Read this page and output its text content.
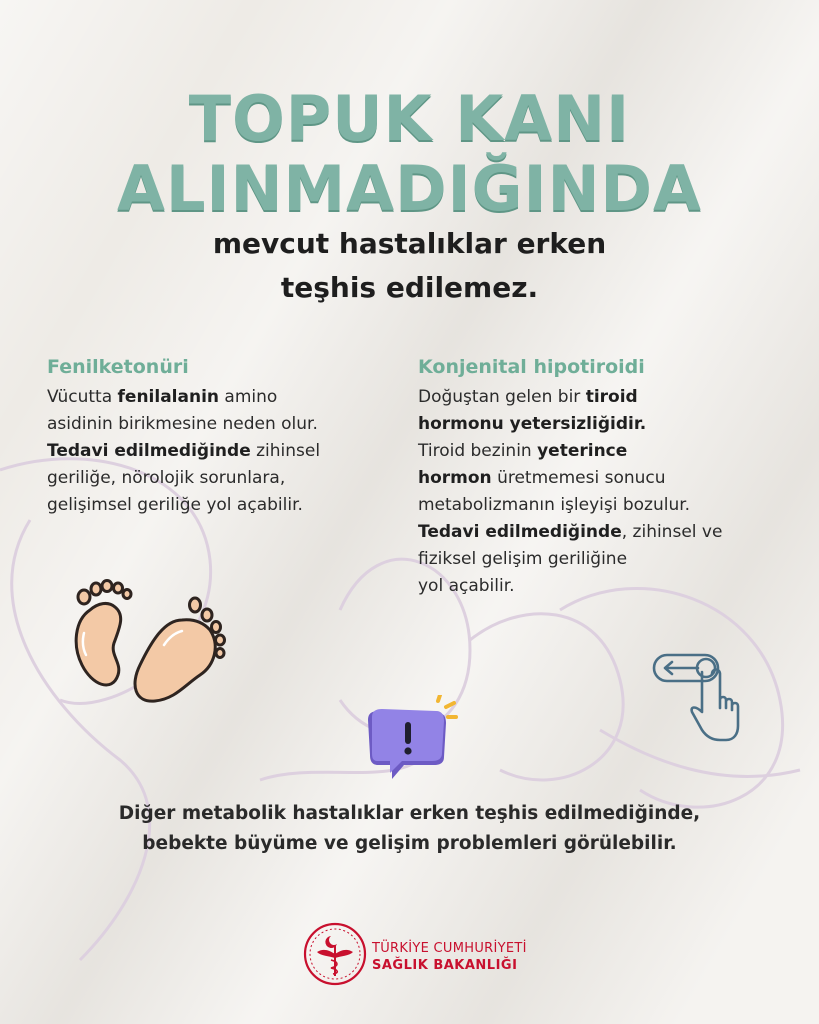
TOPUK KANI
ALINMADIĞINDA
mevcut hastalıklar erken
teşhis edilemez.
Fenilketonüri
Vücutta fenilalanin amino
asidinin birikmesine neden olur.
Tedavi edilmediğinde zihinsel
geriliğe, nörolojik sorunlara,
gelişimsel geriliğe yol açabilir.
Konjenital hipotiroidi
Doğuştan gelen bir tiroid
hormonu yetersizliğidir.
Tiroid bezinin yeterince
hormon üretmemesi sonucu
metabolizmanın işleyişi bozulur.
Tedavi edilmediğinde, zihinsel ve
fiziksel gelişim geriliğine
yol açabilir.
Diğer metabolik hastalıklar erken teşhis edilmediğinde,
bebekte büyüme ve gelişim problemleri görülebilir.
TÜRKİYE CUMHURİYETİ
SAĞLIK BAKANLIĞI
